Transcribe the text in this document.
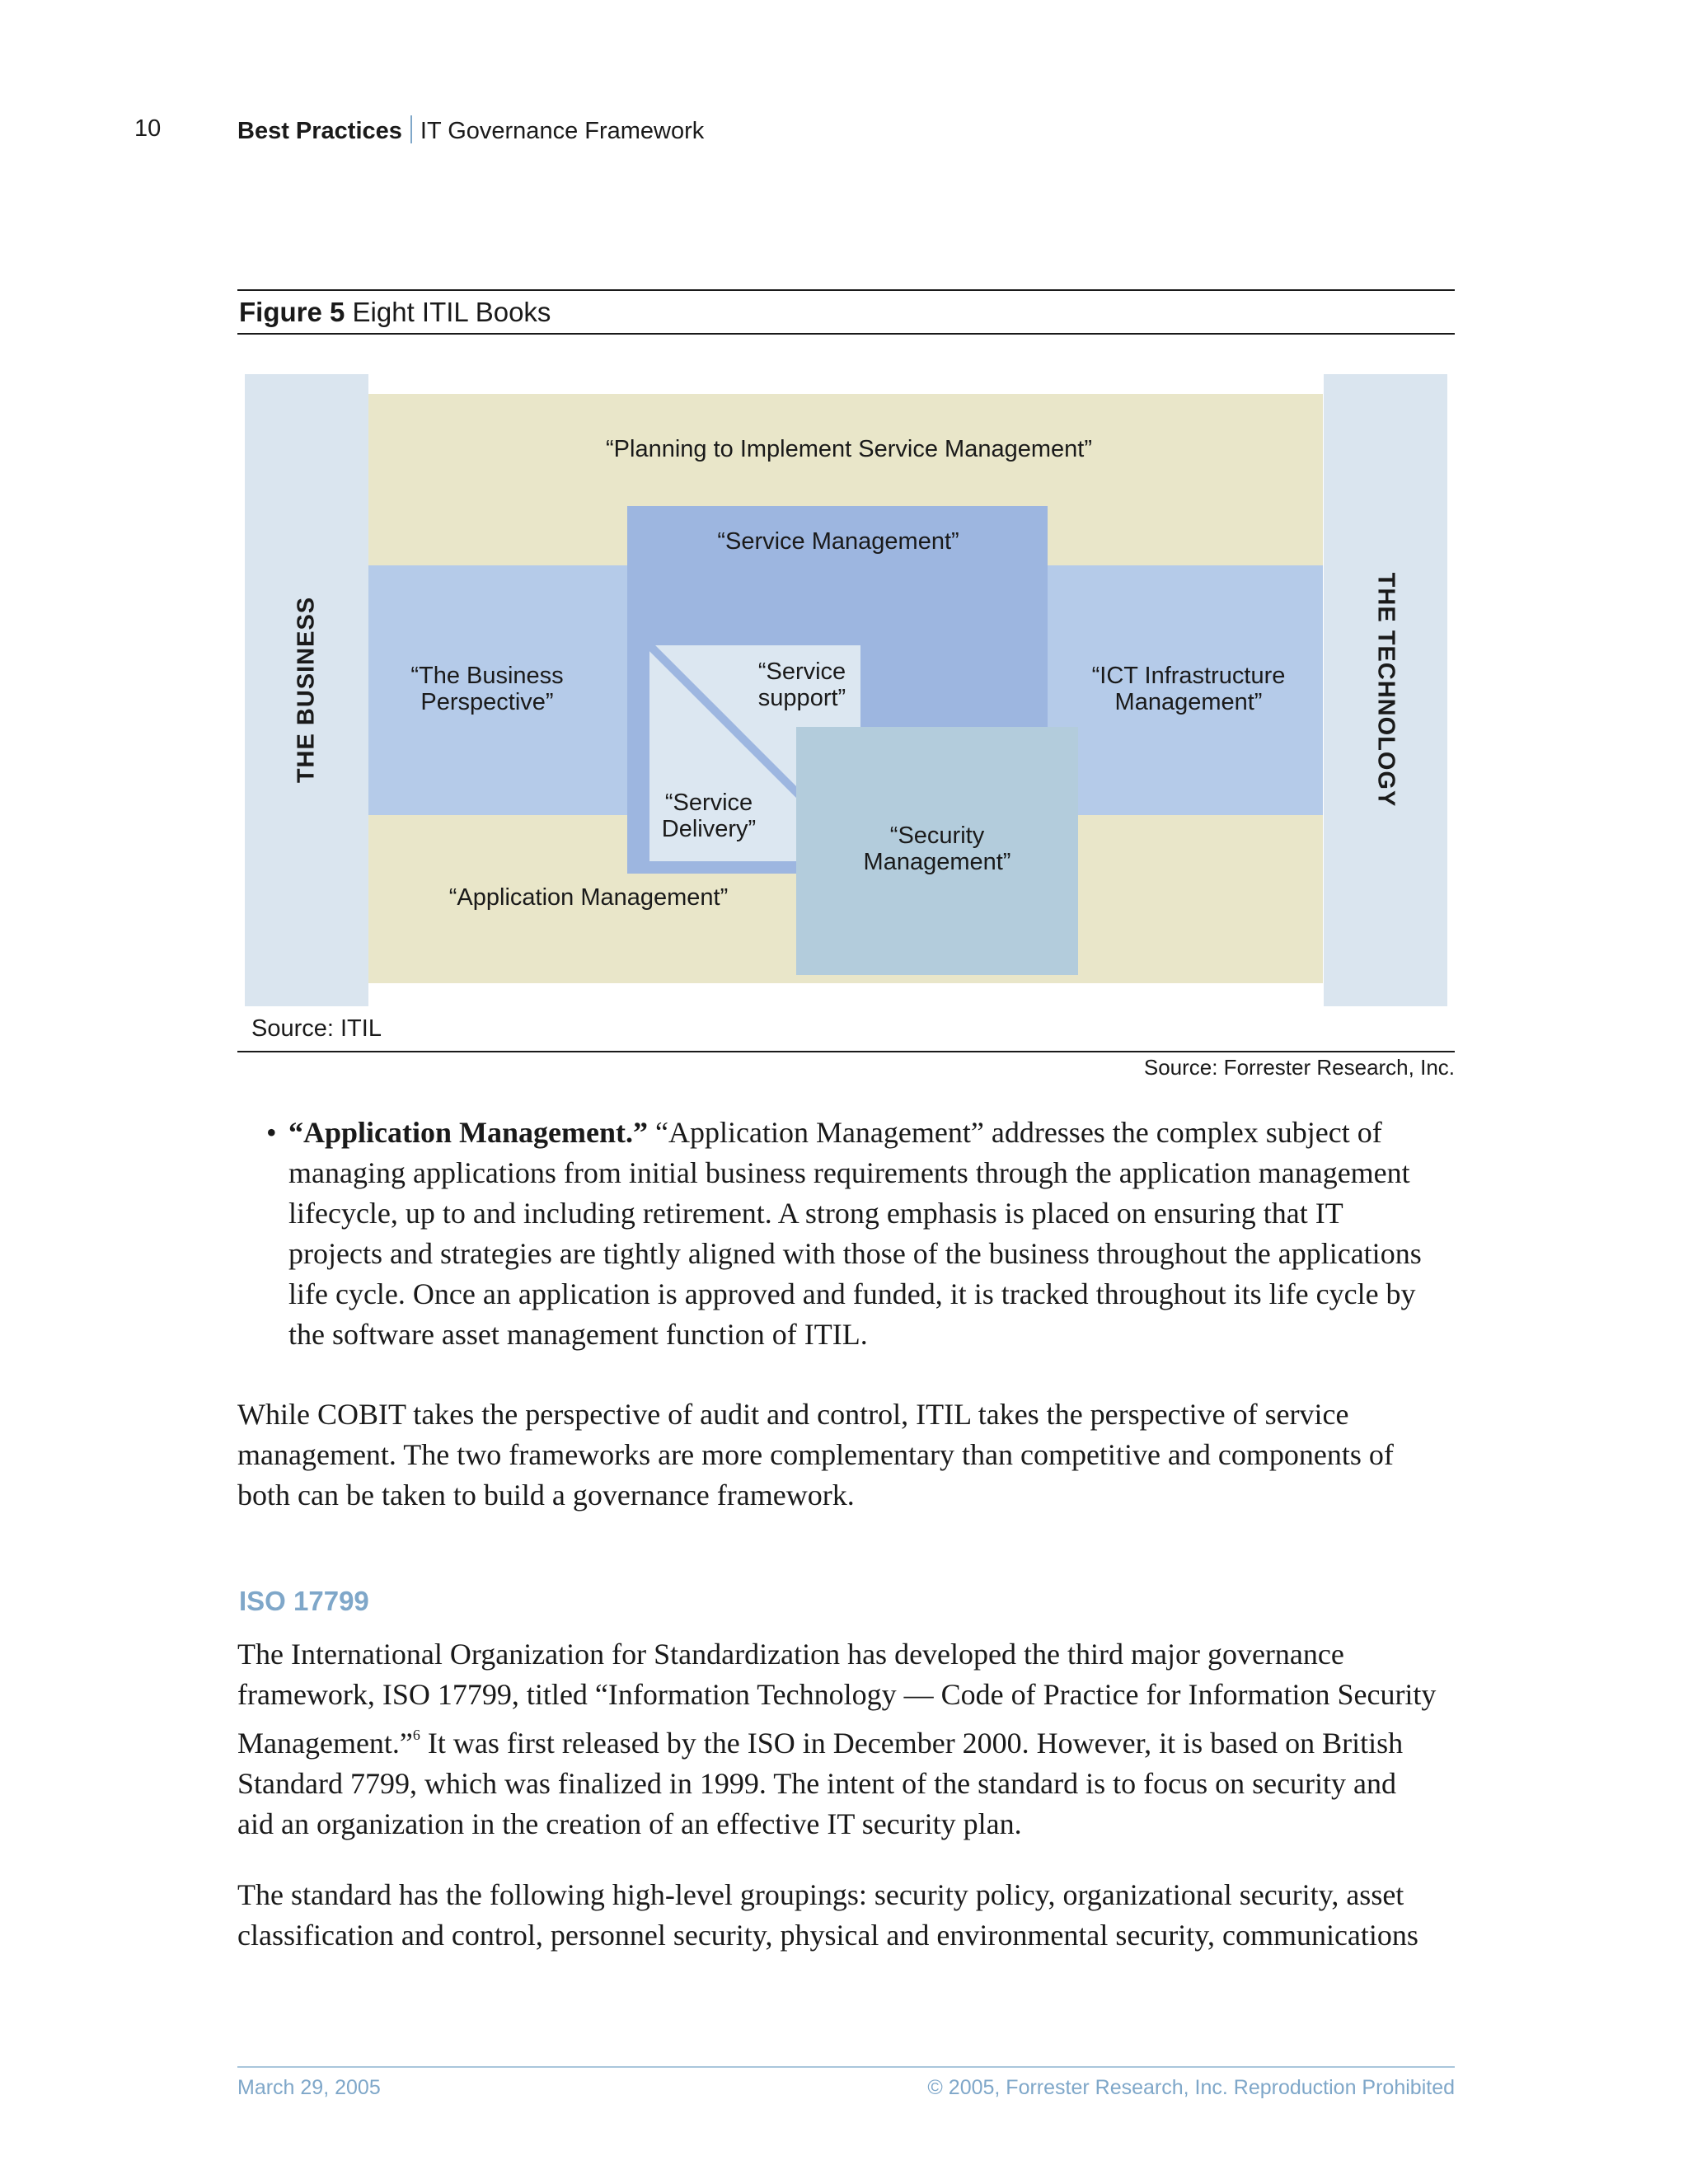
10	Best Practices IT Governance Framework
Figure 5 Eight ITIL Books
THE BUSINESS	THE TECHNOLOGY
“Planning to Implement Service Management”
“Service Management”
“The Business
Perspective”
“Service
support”
“Service
Delivery”	“Security
Management”
“ICT Infrastructure
Management”
“Application Management”
Source: ITIL
Source: Forrester Research, Inc.
• “Application Management.” “Application Management” addresses the complex subject of
managing applications from initial business requirements through the application management
lifecycle, up to and including retirement. A strong emphasis is placed on ensuring that IT
projects and strategies are tightly aligned with those of the business throughout the applications
life cycle. Once an application is approved and funded, it is tracked throughout its life cycle by
the software asset management function of ITIL.
While COBIT takes the perspective of audit and control, ITIL takes the perspective of service
management. The two frameworks are more complementary than competitive and components of
both can be taken to build a governance framework.
ISO 17799
The International Organization for Standardization has developed the third major governance
framework, ISO 17799, titled “Information Technology — Code of Practice for Information Security
Management.”$^6$ It was first released by the ISO in December 2000. However, it is based on British
Standard 7799, which was finalized in 1999. The intent of the standard is to focus on security and
aid an organization in the creation of an effective IT security plan.
The standard has the following high-level groupings: security policy, organizational security, asset
classification and control, personnel security, physical and environmental security, communications
March 29, 2005	© 2005, Forrester Research, Inc. Reproduction Prohibited
